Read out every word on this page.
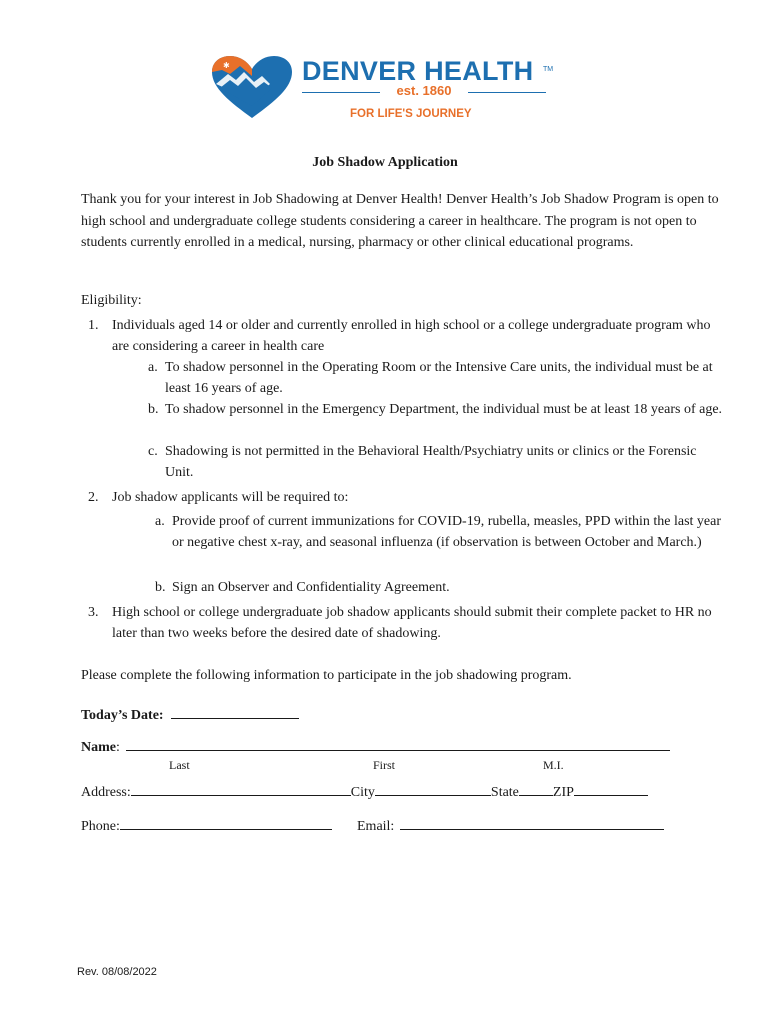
✱	DENVER HEALTH TM
est. 1860
FOR LIFE'S JOURNEY
Job Shadow Application

Thank you for your interest in Job Shadowing at Denver Health! Denver Health’s Job Shadow Program is open to high school and undergraduate college students considering a career in healthcare. The program is not open to students currently enrolled in a medical, nursing, pharmacy or other clinical educational programs.

Eligibility:
1. Individuals aged 14 or older and currently enrolled in high school or a college undergraduate program who are considering a career in health care
a. To shadow personnel in the Operating Room or the Intensive Care units, the individual must be at least 16 years of age.
b. To shadow personnel in the Emergency Department, the individual must be at least 18 years of age.
c. Shadowing is not permitted in the Behavioral Health/Psychiatry units or clinics or the Forensic Unit.
2. Job shadow applicants will be required to:
a. Provide proof of current immunizations for COVID-19, rubella, measles, PPD within the last year or negative chest x-ray, and seasonal influenza (if observation is between October and March.)
b. Sign an Observer and Confidentiality Agreement.
3. High school or college undergraduate job shadow applicants should submit their complete packet to HR no later than two weeks before the desired date of shadowing.
Please complete the following information to participate in the job shadowing program.
Today’s Date:
Name:
Last	First	M.I.
Address:	City	State ZIP
Phone:	Email:
Rev. 08/08/2022
